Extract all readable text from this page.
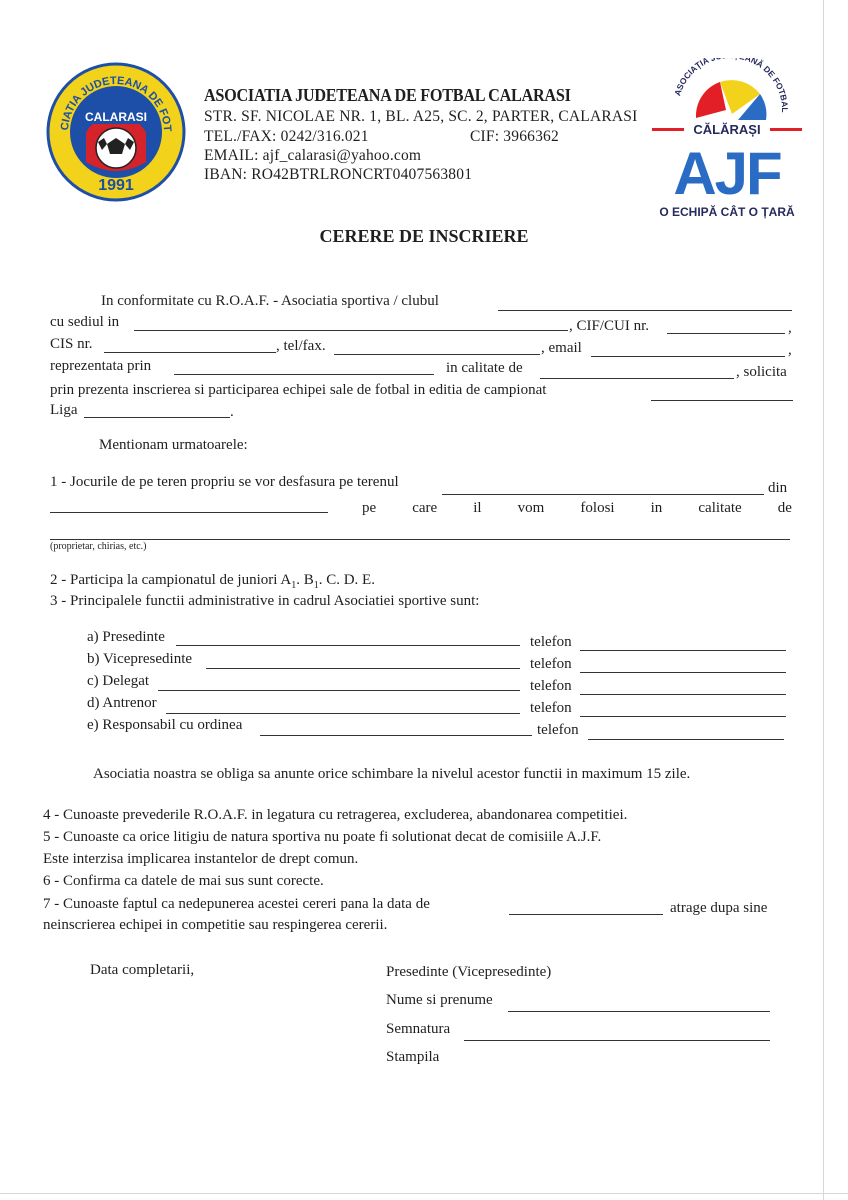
CALARASI
CIATIA JUDETEANA DE FOT
1991
ASOCIATIA JUDETEANA DE FOTBAL CALARASI
STR. SF. NICOLAE NR. 1, BL. A25, SC. 2, PARTER, CALARASI
TEL./FAX: 0242/316.021	CIF: 3966362
EMAIL: ajf_calarasi@yahoo.com
IBAN: RO42BTRLRONCRT0407563801
ASOCIAȚIA ANĂ DE FOTBAL
CĂLĂRAȘI
AJF
O ECHIPĂ CÂT O ȚARĂ
CERERE DE INSCRIERE
In conformitate cu R.O.A.F. - Asociatia sportiva / clubul
cu sediul in	, CIF/CUI nr.	,
CIS nr.	, tel/fax.	, email	,
reprezentata prin	in calitate de	, solicita
prin prezenta inscrierea si participarea echipei sale de fotbal in editia de campionat
Liga	.
Mentionam urmatoarele:
1 - Jocurile de pe teren propriu se vor desfasura pe terenul	din
pe care il vom folosi in calitate de
(proprietar, chirias, etc.)
2 - Participa la campionatul de juniori $A_1$. $B_1$. C. D. E.
3 - Principalele functii administrative in cadrul Asociatiei sportive sunt:
a) Presedinte	telefon
b) Vicepresedinte	telefon
c) Delegat	telefon
d) Antrenor	telefon
e) Responsabil cu ordinea	telefon
Asociatia noastra se obliga sa anunte orice schimbare la nivelul acestor functii in maximum 15 zile.
4 - Cunoaste prevederile R.O.A.F. in legatura cu retragerea, excluderea, abandonarea competitiei.
5 - Cunoaste ca orice litigiu de natura sportiva nu poate fi solutionat decat de comisiile A.J.F.
Este interzisa implicarea instantelor de drept comun.
6 - Confirma ca datele de mai sus sunt corecte.
7 - Cunoaste faptul ca nedepunerea acestei cereri pana la data de	atrage dupa sine
neinscrierea echipei in competitie sau respingerea cererii.
Data completarii,	Presedinte (Vicepresedinte)
Nume si prenume
Semnatura
Stampila
